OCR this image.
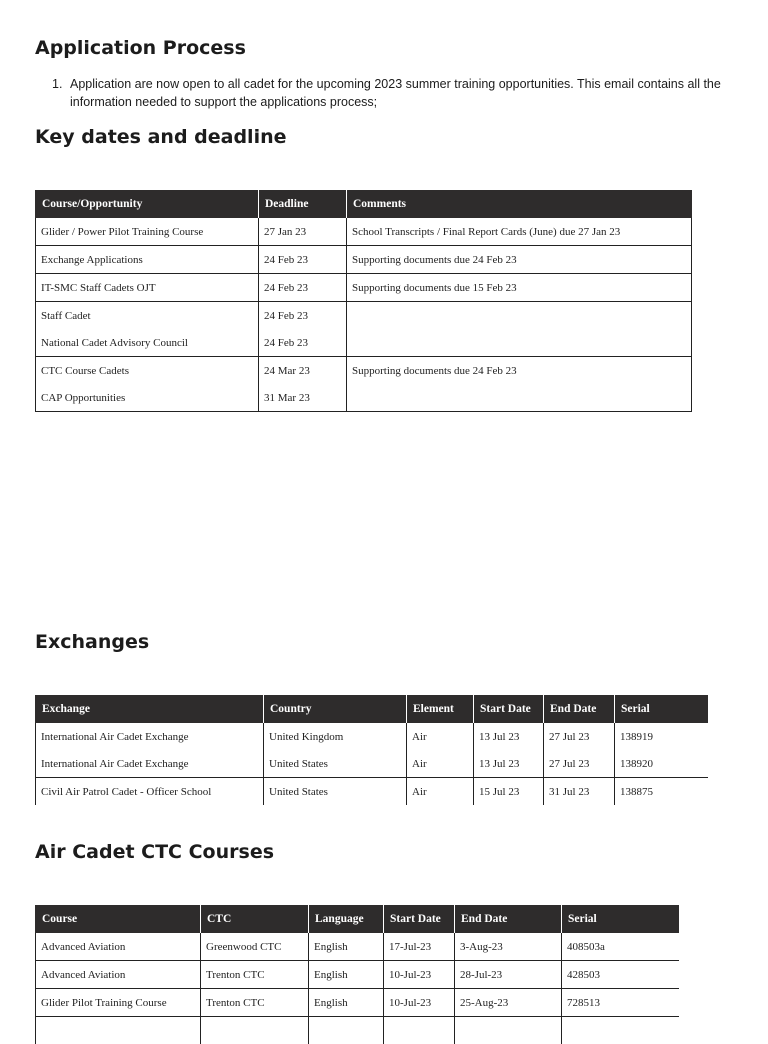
Application Process
1. Application are now open to all cadet for the upcoming 2023 summer training opportunities. This email contains all the information needed to support the applications process;
Key dates and deadline
Course/Opportunity	Deadline	Comments
Glider / Power Pilot Training Course	27 Jan 23	School Transcripts / Final Report Cards (June) due 27 Jan 23
Exchange Applications	24 Feb 23	Supporting documents due 24 Feb 23
IT-SMC Staff Cadets OJT	24 Feb 23	Supporting documents due 15 Feb 23
Staff Cadet	24 Feb 23	
National Cadet Advisory Council	24 Feb 23	
CTC Course Cadets	24 Mar 23	Supporting documents due 24 Feb 23
CAP Opportunities	31 Mar 23	
Exchanges
Exchange	Country	Element	Start Date	End Date	Serial
International Air Cadet Exchange	United Kingdom	Air	13 Jul 23	27 Jul 23	138919
International Air Cadet Exchange	United States	Air	13 Jul 23	27 Jul 23	138920
Civil Air Patrol Cadet - Officer School	United States	Air	15 Jul 23	31 Jul 23	138875
Air Cadet CTC Courses
Course	CTC	Language	Start Date	End Date	Serial
Advanced Aviation	Greenwood CTC	English	17-Jul-23	3-Aug-23	408503a
Advanced Aviation	Trenton CTC	English	10-Jul-23	28-Jul-23	428503
Glider Pilot Training Course	Trenton CTC	English	10-Jul-23	25-Aug-23	728513
